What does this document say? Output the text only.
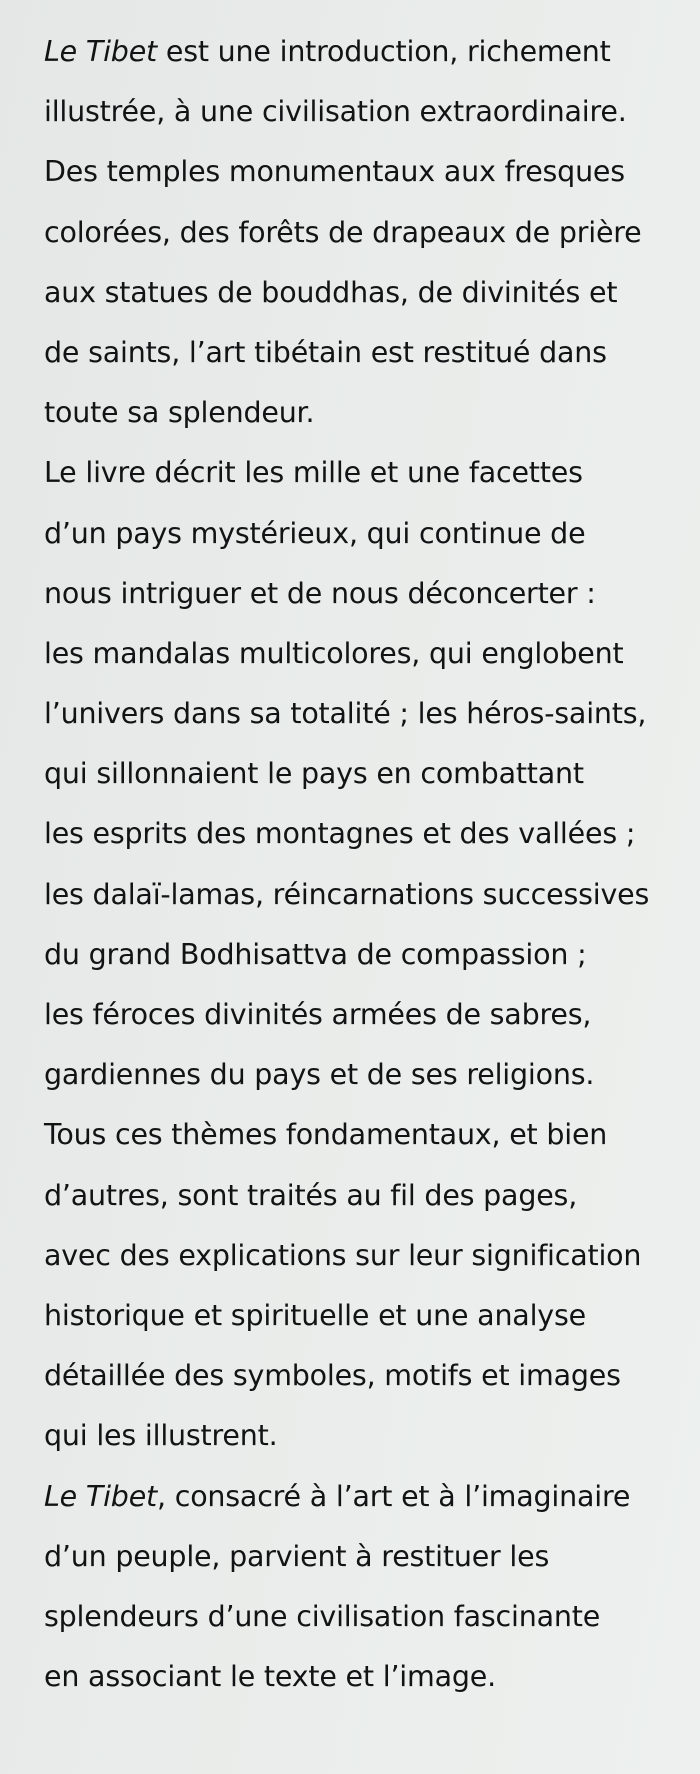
Le Tibet est une introduction, richement
illustrée, à une civilisation extraordinaire.
Des temples monumentaux aux fresques
colorées, des forêts de drapeaux de prière
aux statues de bouddhas, de divinités et
de saints, l’art tibétain est restitué dans
toute sa splendeur.
Le livre décrit les mille et une facettes
d’un pays mystérieux, qui continue de
nous intriguer et de nous déconcerter :
les mandalas multicolores, qui englobent
l’univers dans sa totalité ; les héros-saints,
qui sillonnaient le pays en combattant
les esprits des montagnes et des vallées ;
les dalaï-lamas, réincarnations successives
du grand Bodhisattva de compassion ;
les féroces divinités armées de sabres,
gardiennes du pays et de ses religions.
Tous ces thèmes fondamentaux, et bien
d’autres, sont traités au fil des pages,
avec des explications sur leur signification
historique et spirituelle et une analyse
détaillée des symboles, motifs et images
qui les illustrent.
Le Tibet, consacré à l’art et à l’imaginaire
d’un peuple, parvient à restituer les
splendeurs d’une civilisation fascinante
en associant le texte et l’image.
